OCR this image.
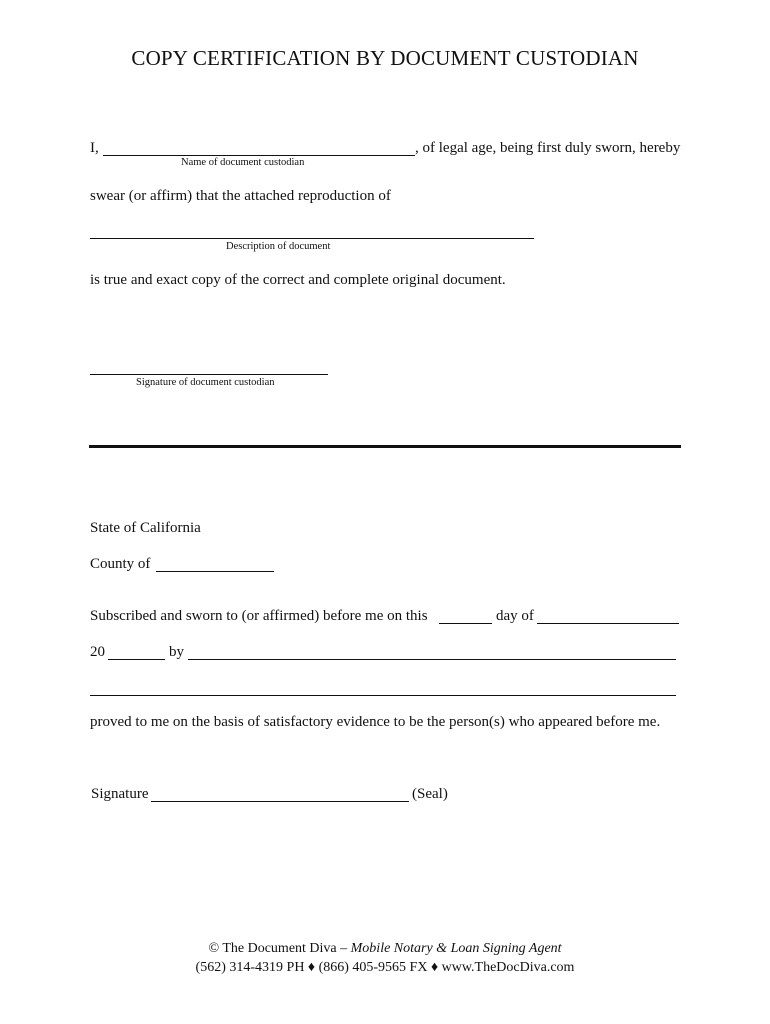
COPY CERTIFICATION BY DOCUMENT CUSTODIAN
I,	, of legal age, being first duly sworn, hereby
Name of document custodian
swear (or affirm) that the attached reproduction of
Description of document
is true and exact copy of the correct and complete original document.
Signature of document custodian
State of California
County of
Subscribed and sworn to (or affirmed) before me on this	day of
20	by
proved to me on the basis of satisfactory evidence to be the person(s) who appeared before me.
Signature	(Seal)
© The Document Diva – Mobile Notary & Loan Signing Agent
(562) 314-4319 PH ♦ (866) 405-9565 FX ♦ www.TheDocDiva.com
